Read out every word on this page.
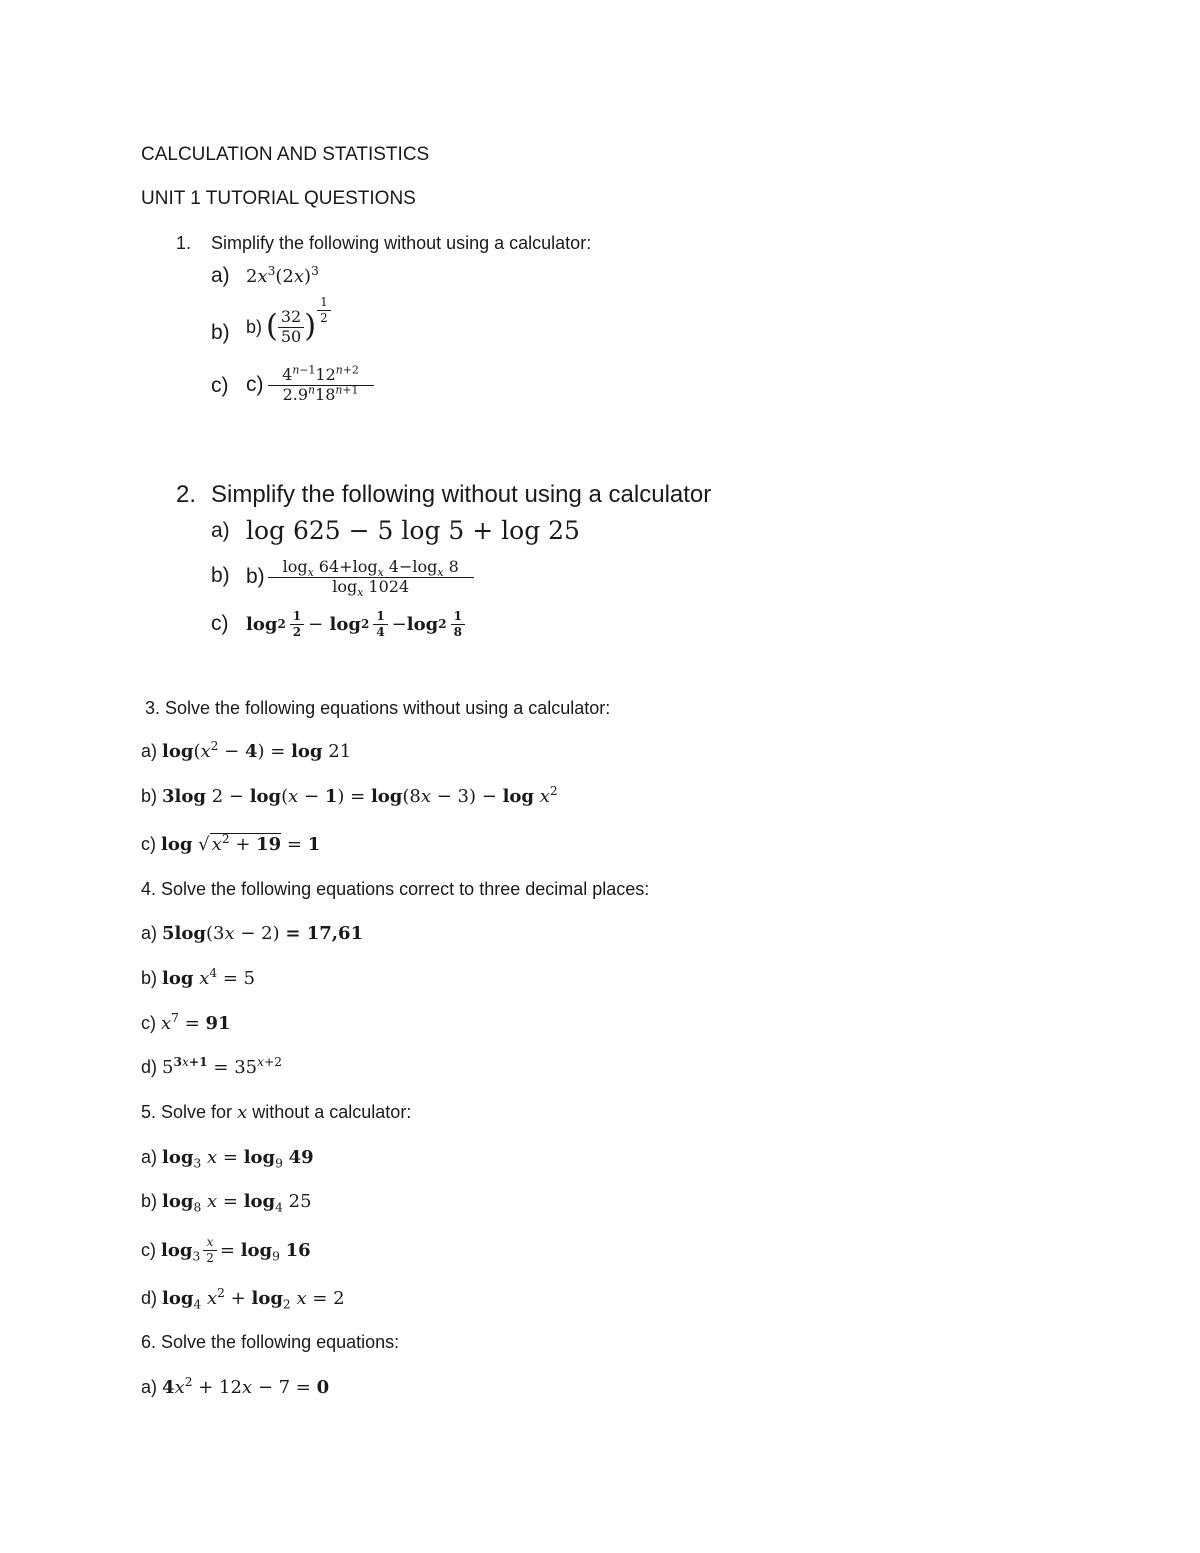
CALCULATION AND STATISTICS
UNIT 1 TUTORIAL QUESTIONS
1. Simplify the following without using a calculator:
a) $2x^3(2x)^3$
b) b) ( $\frac{32}{50}$ ) $\frac{1}{2}$
c) $c) \frac{4^{n-1}12^{n+2}}{2.9^n18^{n+1}}$
2. Simplify the following without using a calculator
a) log 625 − 5 log 5 + log 25
b) $b) \frac{\log_x 64+\log_x 4-\log_x 8}{\log_x 1024}$
c) $\log 2 \frac{1}{2} - \log 2 \frac{1}{4} - \log 2 \frac{1}{8}$
3. Solve the following equations without using a calculator:
a) $\log(x^2 - 4) = \log 21$
b) 3log $2 - \log(x - 1) = \log(8x - 3) - \log x^2$
c) log √ $x^2 + 19 = 1$
4. Solve the following equations correct to three decimal places:
a) 5log(3x − 2) = 17,61
b) $\log x^4 = 5$
c) $x^7 = 91$
d) $5^{3x+1} = 35^{x+2}$
5. Solve for x without a calculator:
a) $\log_3 x = \log_9 49$
b) $\log_8 x = \log_4 25$
c) $\log_3 \frac{x}{2} = \log_9 16$
d) $\log_4 x^2 + \log_2 x = 2$
6. Solve the following equations:
a) $4x^2 + 12x - 7 = 0$
